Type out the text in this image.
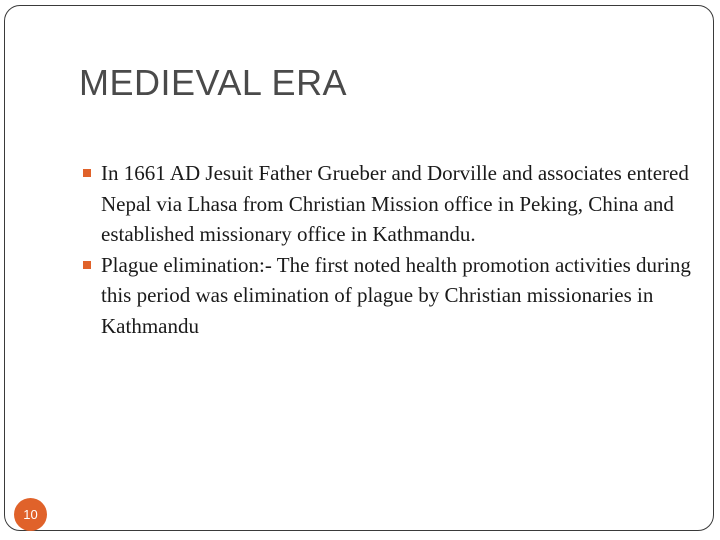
MEDIEVAL ERA
In 1661 AD Jesuit Father Grueber and Dorville and associates entered Nepal via Lhasa from Christian Mission office in Peking, China and established missionary office in Kathmandu.
Plague elimination:- The first noted health promotion activities during this period was elimination of plague by Christian missionaries in Kathmandu
10
